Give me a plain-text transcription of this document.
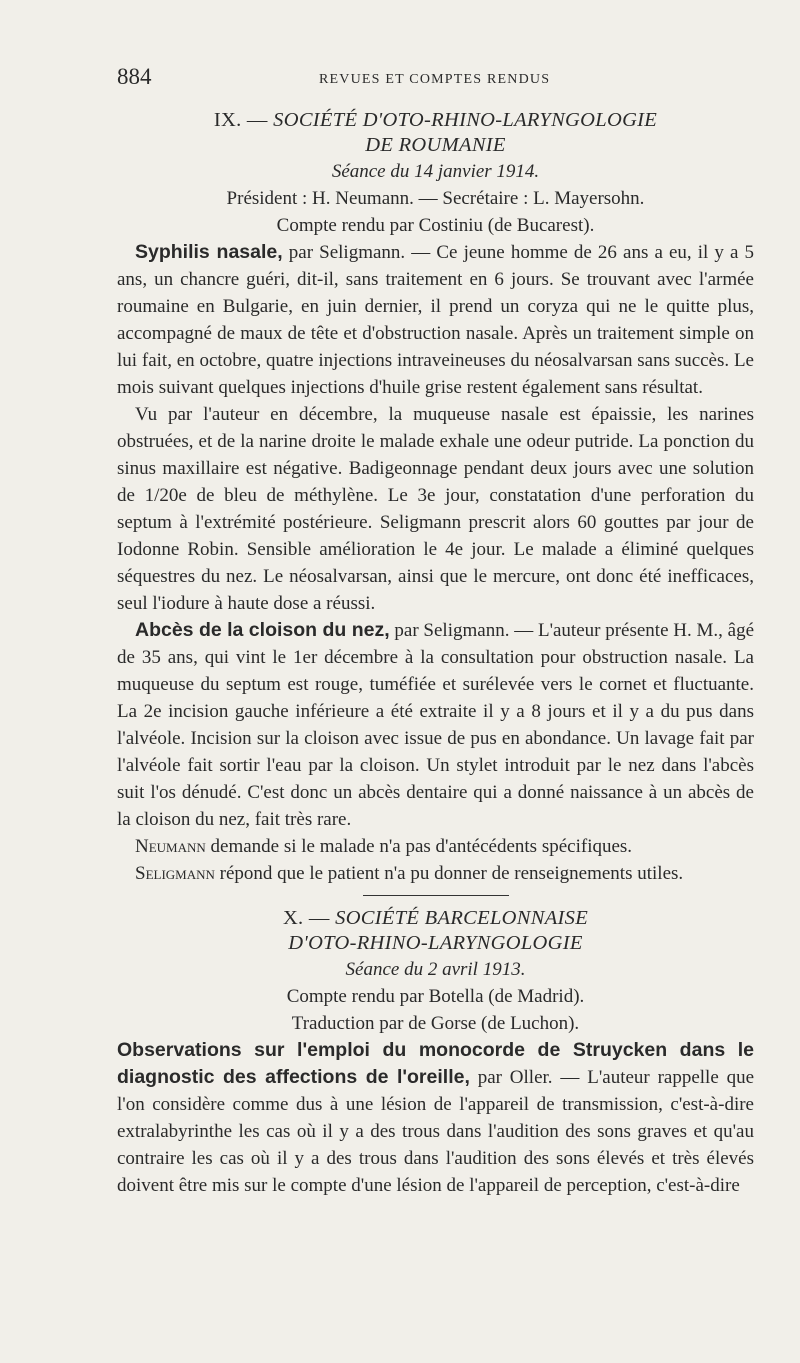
884	REVUES ET COMPTES RENDUS
IX. — SOCIÉTÉ D'OTO-RHINO-LARYNGOLOGIE
DE ROUMANIE
Séance du 14 janvier 1914.
Président : H. Neumann. — Secrétaire : L. Mayersohn.
Compte rendu par Costiniu (de Bucarest).

Syphilis nasale, par Seligmann. — Ce jeune homme de 26 ans a eu, il y a 5 ans, un chancre guéri, dit-il, sans traitement en 6 jours. Se trouvant avec l'armée roumaine en Bulgarie, en juin dernier, il prend un coryza qui ne le quitte plus, accompagné de maux de tête et d'obstruction nasale. Après un traitement simple on lui fait, en octobre, quatre injections intraveineuses du néosalvarsan sans succès. Le mois suivant quelques injections d'huile grise restent également sans résultat.

Vu par l'auteur en décembre, la muqueuse nasale est épaissie, les narines obstruées, et de la narine droite le malade exhale une odeur putride. La ponction du sinus maxillaire est négative. Badigeonnage pendant deux jours avec une solution de 1/20e de bleu de méthylène. Le 3e jour, constatation d'une perforation du septum à l'extrémité postérieure. Seligmann prescrit alors 60 gouttes par jour de Iodonne Robin. Sensible amélioration le 4e jour. Le malade a éliminé quelques séquestres du nez. Le néosalvarsan, ainsi que le mercure, ont donc été inefficaces, seul l'iodure à haute dose a réussi.

Abcès de la cloison du nez, par Seligmann. — L'auteur présente H. M., âgé de 35 ans, qui vint le 1er décembre à la consultation pour obstruction nasale. La muqueuse du septum est rouge, tuméfiée et surélevée vers le cornet et fluctuante. La 2e incision gauche inférieure a été extraite il y a 8 jours et il y a du pus dans l'alvéole. Incision sur la cloison avec issue de pus en abondance. Un lavage fait par l'alvéole fait sortir l'eau par la cloison. Un stylet introduit par le nez dans l'abcès suit l'os dénudé. C'est donc un abcès dentaire qui a donné naissance à un abcès de la cloison du nez, fait très rare.

Neumann demande si le malade n'a pas d'antécédents spécifiques.

Seligmann répond que le patient n'a pu donner de renseignements utiles.

X. — SOCIÉTÉ BARCELONNAISE
D'OTO-RHINO-LARYNGOLOGIE
Séance du 2 avril 1913.
Compte rendu par Botella (de Madrid).
Traduction par de Gorse (de Luchon).

Observations sur l'emploi du monocorde de Struycken dans le diagnostic des affections de l'oreille, par Oller. — L'auteur rappelle que l'on considère comme dus à une lésion de l'appareil de transmission, c'est-à-dire extralabyrinthe les cas où il y a des trous dans l'audition des sons graves et qu'au contraire les cas où il y a des trous dans l'audition des sons élevés et très élevés doivent être mis sur le compte d'une lésion de l'appareil de perception, c'est-à-dire
